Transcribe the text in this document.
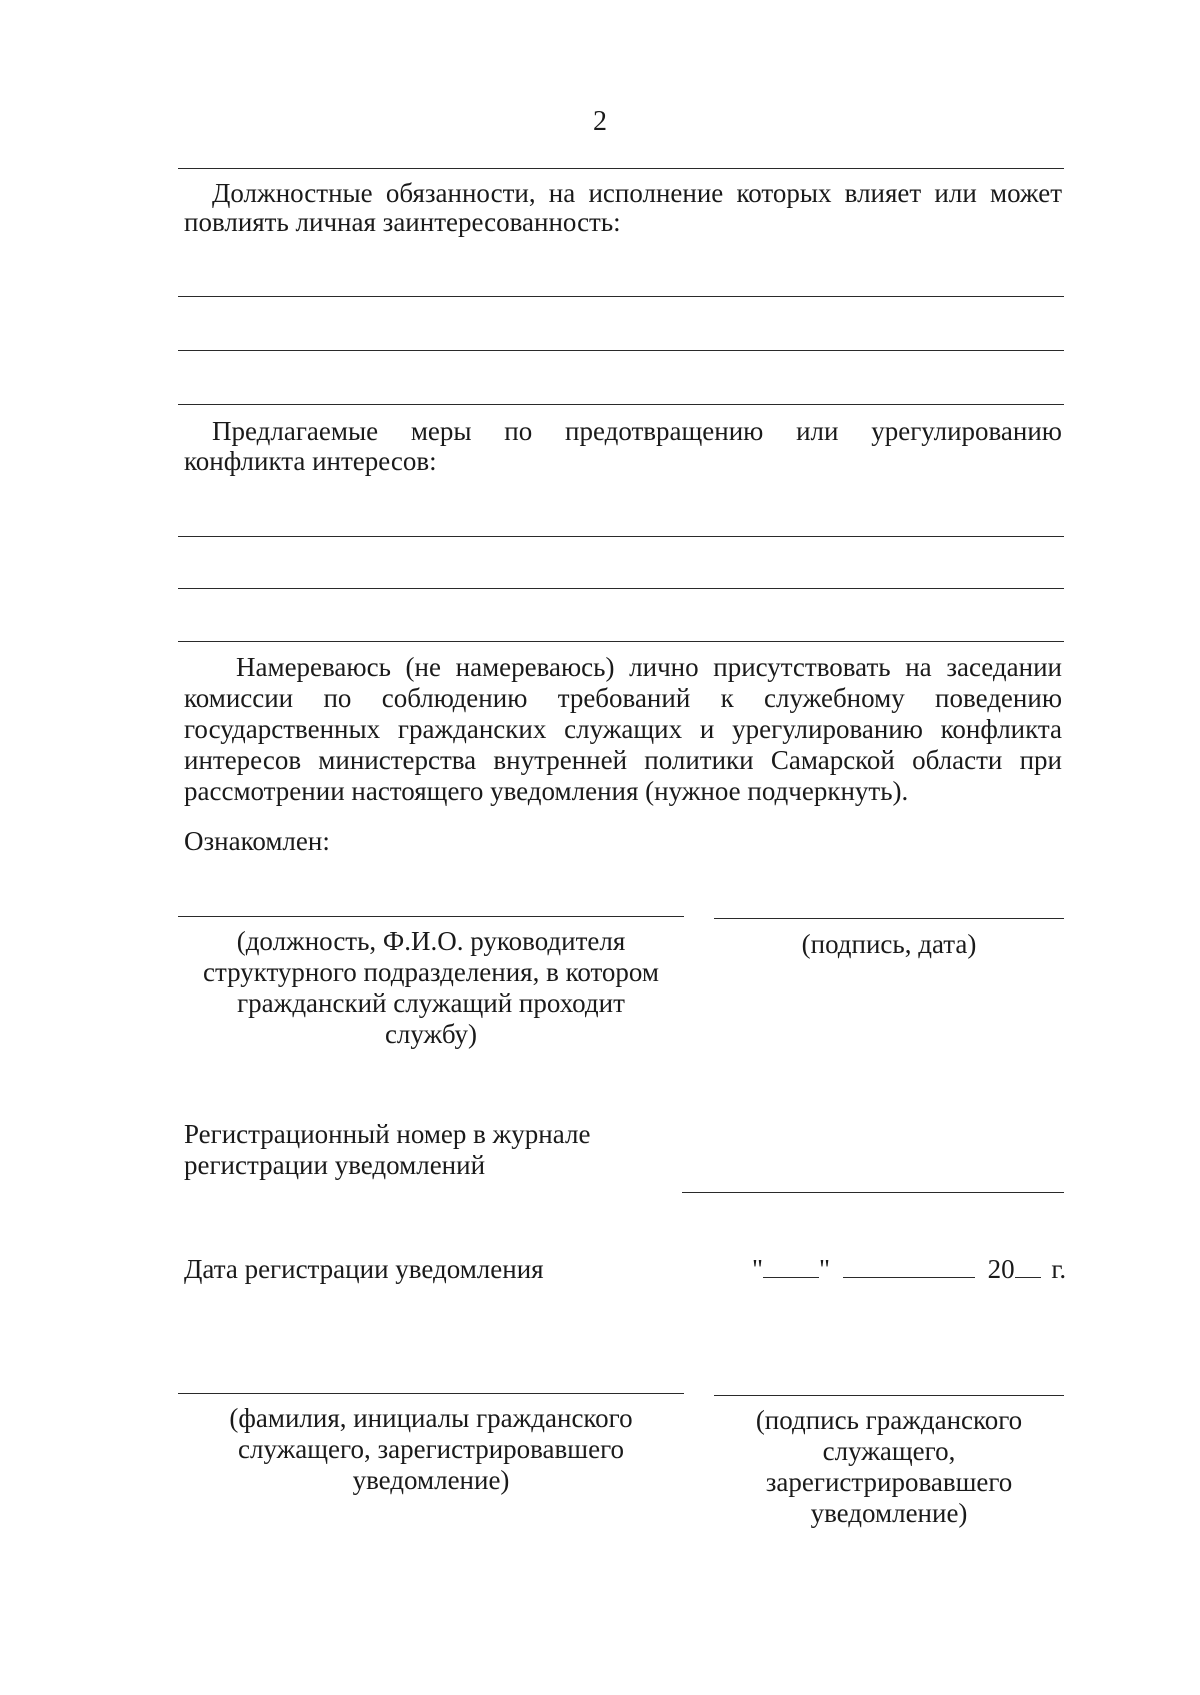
2
Должностные обязанности, на исполнение которых влияет или может
повлиять личная заинтересованность:
Предлагаемые меры по предотвращению или урегулированию
конфликта интересов:
Намереваюсь (не намереваюсь) лично присутствовать на заседании
комиссии по соблюдению требований к служебному поведению
государственных гражданских служащих и урегулированию конфликта
интересов министерства внутренней политики Самарской области при
рассмотрении настоящего уведомления (нужное подчеркнуть).
Ознакомлен:
(должность, Ф.И.О. руководителя
структурного подразделения, в котором
гражданский служащий проходит
службу)
(подпись, дата)
Регистрационный номер в журнале
регистрации уведомлений
Дата регистрации уведомления	" "	20 г.
(фамилия, инициалы гражданского
служащего, зарегистрировавшего
уведомление)
(подпись гражданского
служащего,
зарегистрировавшего
уведомление)
